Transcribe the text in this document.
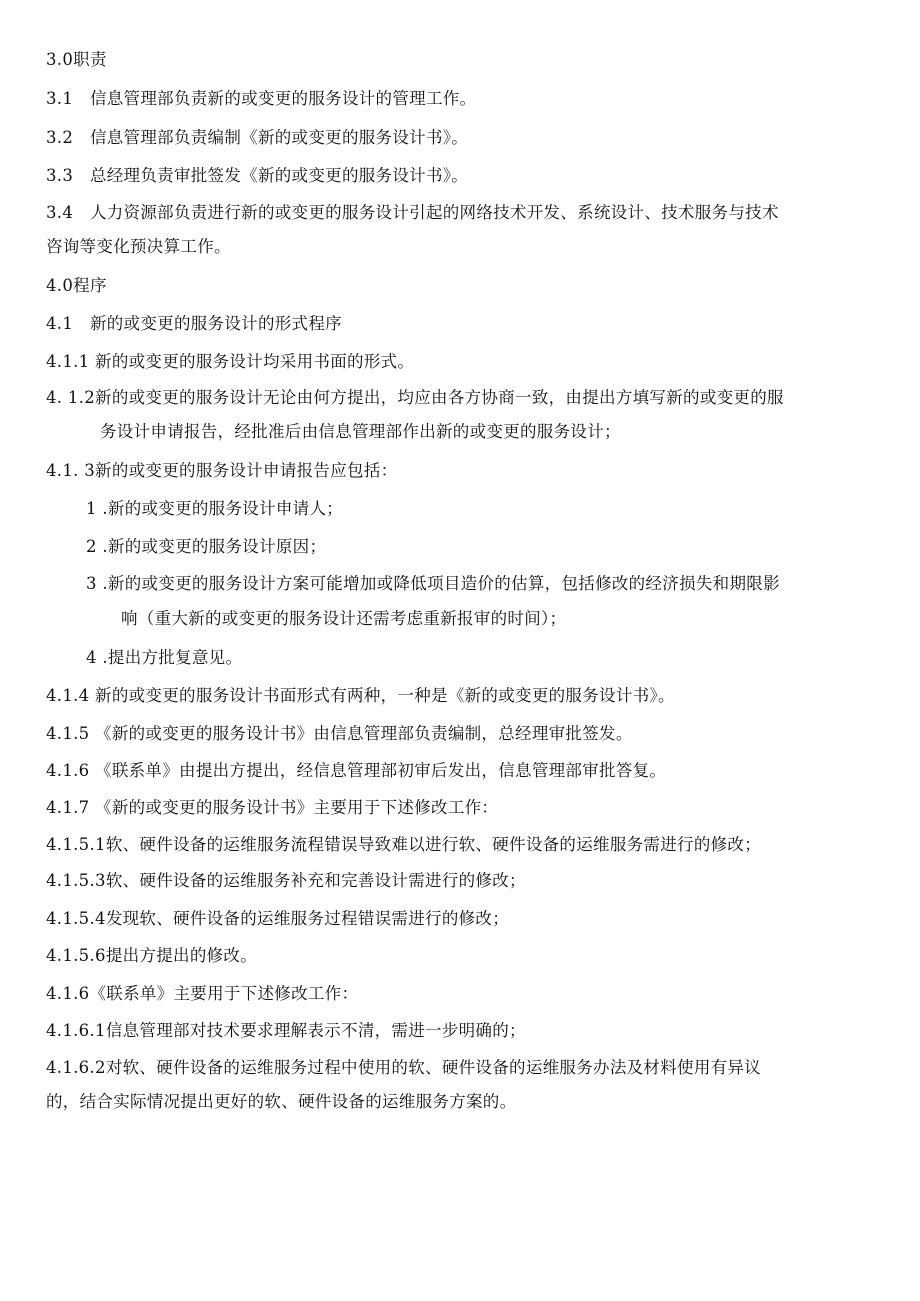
3.0职责
3.1　信息管理部负责新的或变更的服务设计的管理工作。
3.2　信息管理部负责编制《新的或变更的服务设计书》。
3.3　总经理负责审批签发《新的或变更的服务设计书》。
3.4　人力资源部负责进行新的或变更的服务设计引起的网络技术开发、系统设计、技术服务与技术
咨询等变化预决算工作。
4.0程序
4.1　新的或变更的服务设计的形式程序
4.1.1 新的或变更的服务设计均采用书面的形式。
4. 1.2新的或变更的服务设计无论由何方提出，均应由各方协商一致，由提出方填写新的或变更的服
务设计申请报告，经批准后由信息管理部作出新的或变更的服务设计；
4.1. 3新的或变更的服务设计申请报告应包括：
1 .新的或变更的服务设计申请人；
2 .新的或变更的服务设计原因；
3 .新的或变更的服务设计方案可能增加或降低项目造价的估算，包括修改的经济损失和期限影
响（重大新的或变更的服务设计还需考虑重新报审的时间）；
4 .提出方批复意见。
4.1.4 新的或变更的服务设计书面形式有两种，一种是《新的或变更的服务设计书》。
4.1.5 《新的或变更的服务设计书》由信息管理部负责编制，总经理审批签发。
4.1.6 《联系单》由提出方提出，经信息管理部初审后发出，信息管理部审批答复。
4.1.7 《新的或变更的服务设计书》主要用于下述修改工作：
4.1.5.1软、硬件设备的运维服务流程错误导致难以进行软、硬件设备的运维服务需进行的修改；
4.1.5.3软、硬件设备的运维服务补充和完善设计需进行的修改；
4.1.5.4发现软、硬件设备的运维服务过程错误需进行的修改；
4.1.5.6提出方提出的修改。
4.1.6《联系单》主要用于下述修改工作：
4.1.6.1信息管理部对技术要求理解表示不清，需进一步明确的；
4.1.6.2对软、硬件设备的运维服务过程中使用的软、硬件设备的运维服务办法及材料使用有异议
的，结合实际情况提出更好的软、硬件设备的运维服务方案的。
